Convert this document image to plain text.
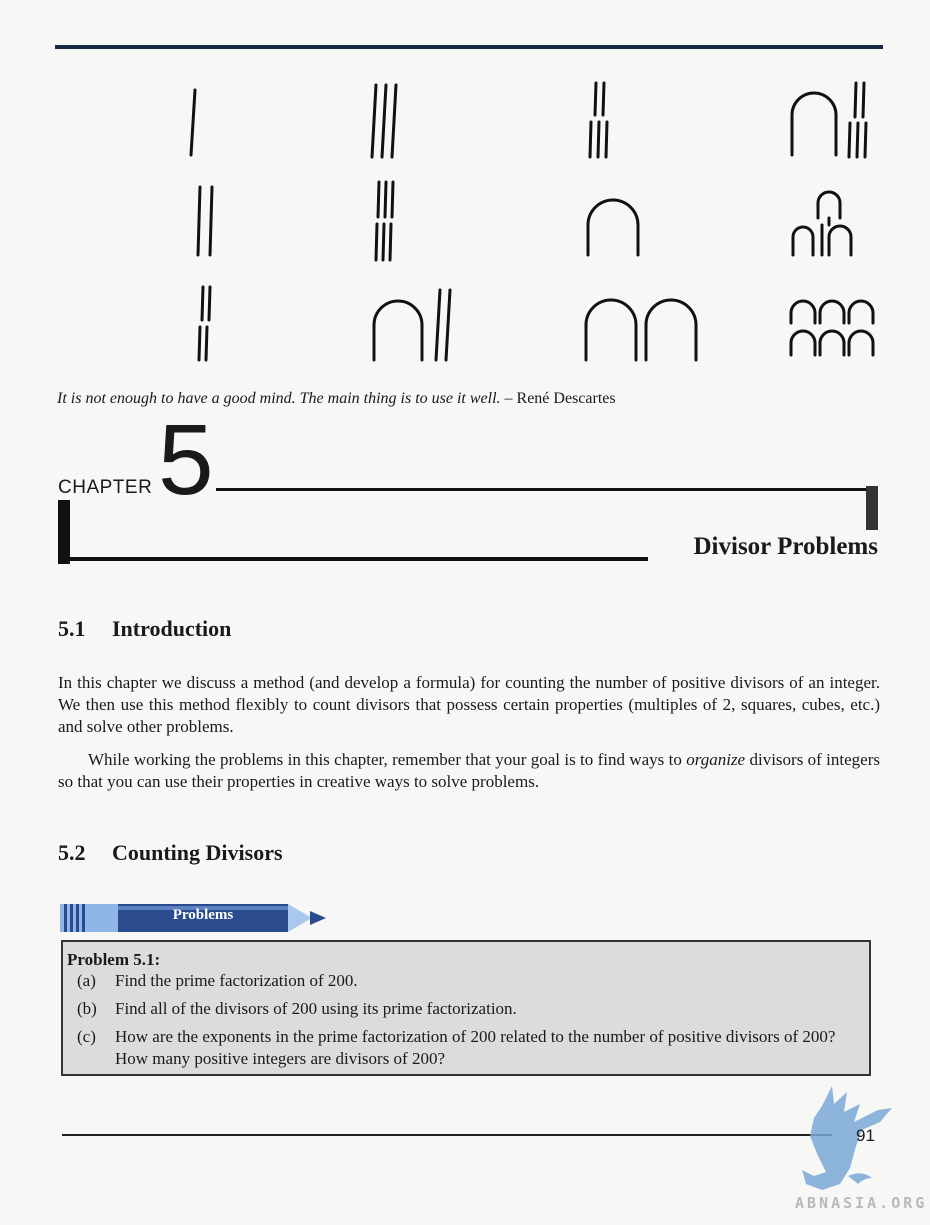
It is not enough to have a good mind. The main thing is to use it well. – René Descartes
CHAPTER 5
Divisor Problems
5.1 Introduction

In this chapter we discuss a method (and develop a formula) for counting the number of positive divisors of an integer. We then use this method flexibly to count divisors that possess certain properties (multiples of 2, squares, cubes, etc.) and solve other problems.

While working the problems in this chapter, remember that your goal is to find ways to organize divisors of integers so that you can use their properties in creative ways to solve problems.

5.2 Counting Divisors
Problems
Problem 5.1:
(a) Find the prime factorization of 200.
(b) Find all of the divisors of 200 using its prime factorization.
(c) How are the exponents in the prime factorization of 200 related to the number of positive divisors of 200? How many positive integers are divisors of 200?
91
ABNASIA.ORG
